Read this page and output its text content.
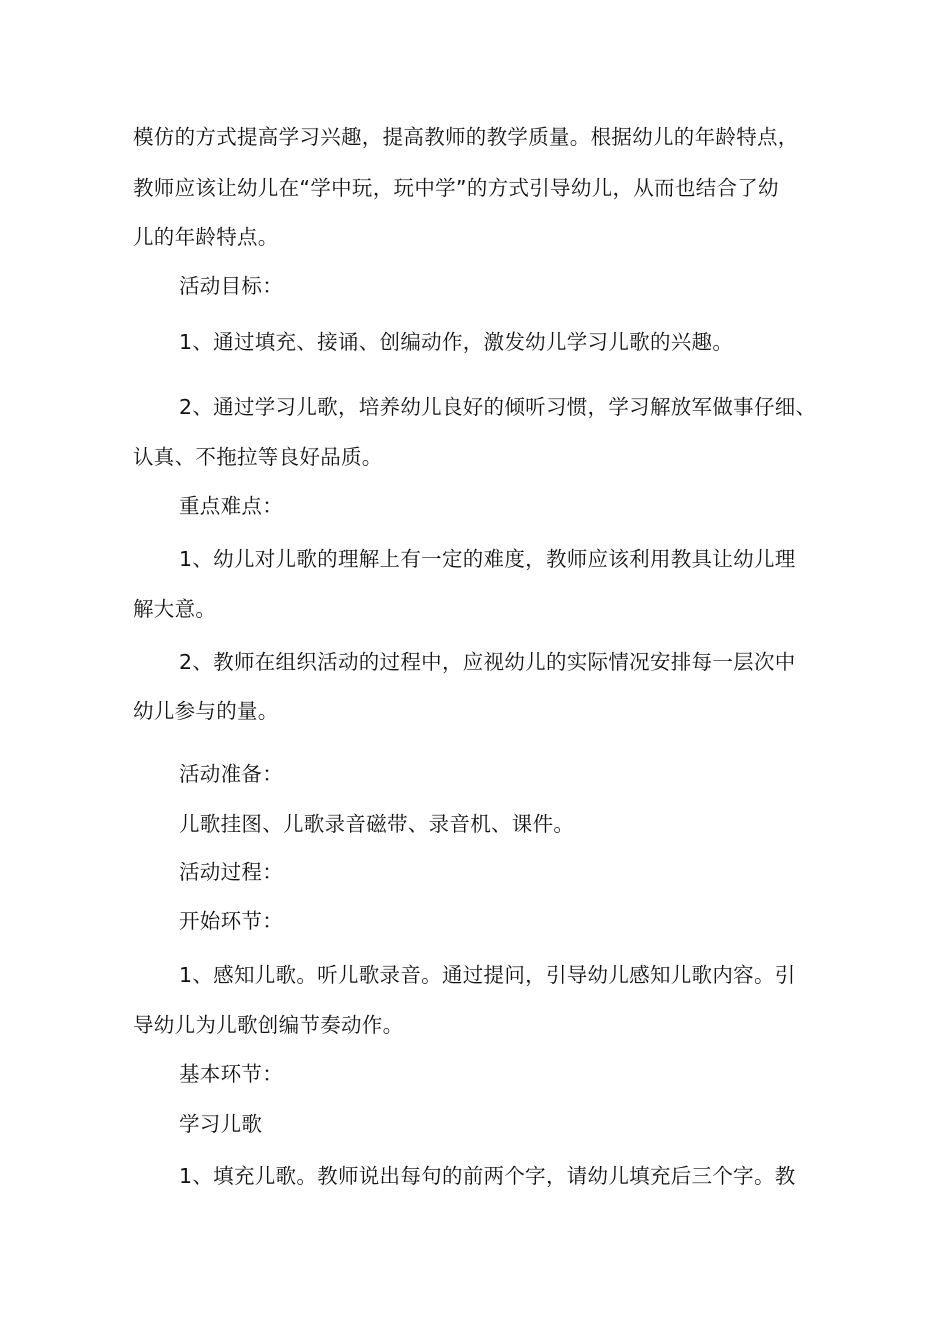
模仿的方式提高学习兴趣，提高教师的教学质量。根据幼儿的年龄特点，
教师应该让幼儿在“学中玩，玩中学”的方式引导幼儿，从而也结合了幼
儿的年龄特点。
活动目标：
1、通过填充、接诵、创编动作，激发幼儿学习儿歌的兴趣。
2、通过学习儿歌，培养幼儿良好的倾听习惯，学习解放军做事仔细、
认真、不拖拉等良好品质。
重点难点：
1、幼儿对儿歌的理解上有一定的难度，教师应该利用教具让幼儿理
解大意。
2、教师在组织活动的过程中，应视幼儿的实际情况安排每一层次中
幼儿参与的量。
活动准备：
儿歌挂图、儿歌录音磁带、录音机、课件。
活动过程：
开始环节：
1、感知儿歌。听儿歌录音。通过提问，引导幼儿感知儿歌内容。引
导幼儿为儿歌创编节奏动作。
基本环节：
学习儿歌
1、填充儿歌。教师说出每句的前两个字，请幼儿填充后三个字。教
